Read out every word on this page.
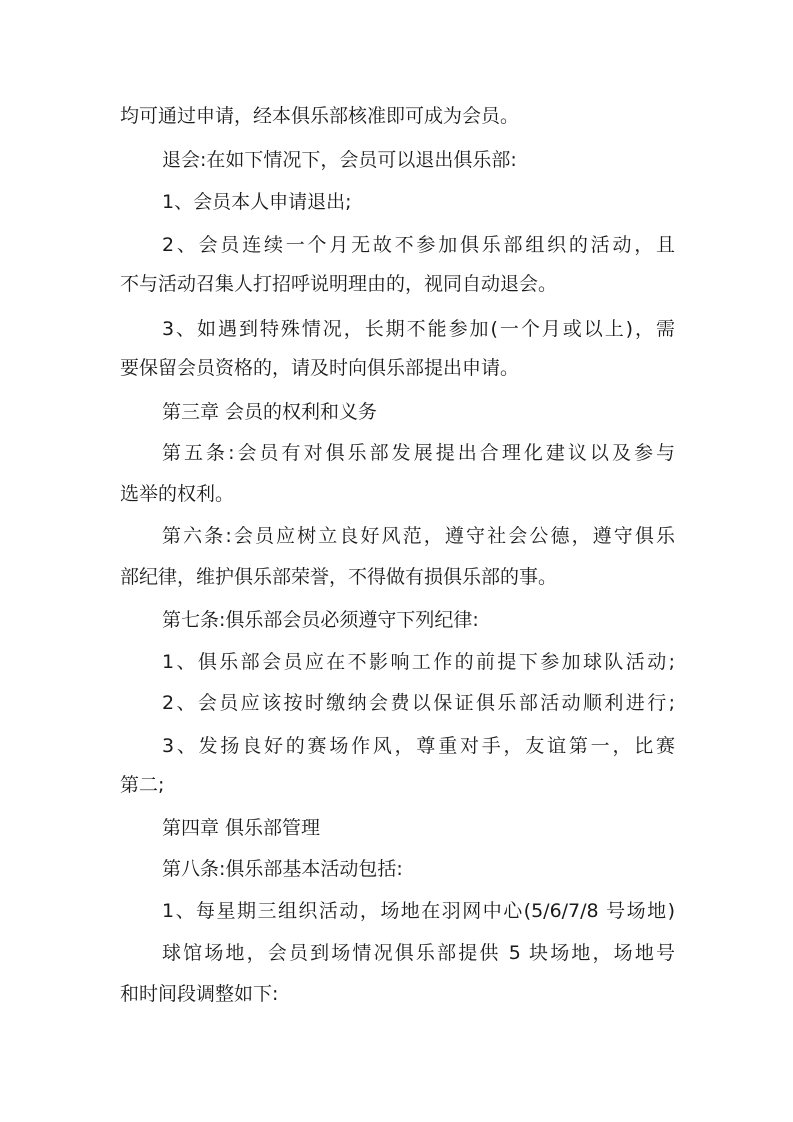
均可通过申请，经本俱乐部核准即可成为会员。
退会:在如下情况下，会员可以退出俱乐部:
1、会员本人申请退出;
2、会员连续一个月无故不参加俱乐部组织的活动，且
不与活动召集人打招呼说明理由的，视同自动退会。
3、如遇到特殊情况，长期不能参加(一个月或以上)，需
要保留会员资格的，请及时向俱乐部提出申请。
第三章 会员的权利和义务
第五条:会员有对俱乐部发展提出合理化建议以及参与
选举的权利。
第六条:会员应树立良好风范，遵守社会公德，遵守俱乐
部纪律，维护俱乐部荣誉，不得做有损俱乐部的事。
第七条:俱乐部会员必须遵守下列纪律:
1、俱乐部会员应在不影响工作的前提下参加球队活动;
2、会员应该按时缴纳会费以保证俱乐部活动顺利进行;
3、发扬良好的赛场作风，尊重对手，友谊第一，比赛
第二;
第四章 俱乐部管理
第八条:俱乐部基本活动包括:
1、每星期三组织活动，场地在羽网中心(5/6/7/8 号场地)
球馆场地，会员到场情况俱乐部提供 5 块场地，场地号
和时间段调整如下:
